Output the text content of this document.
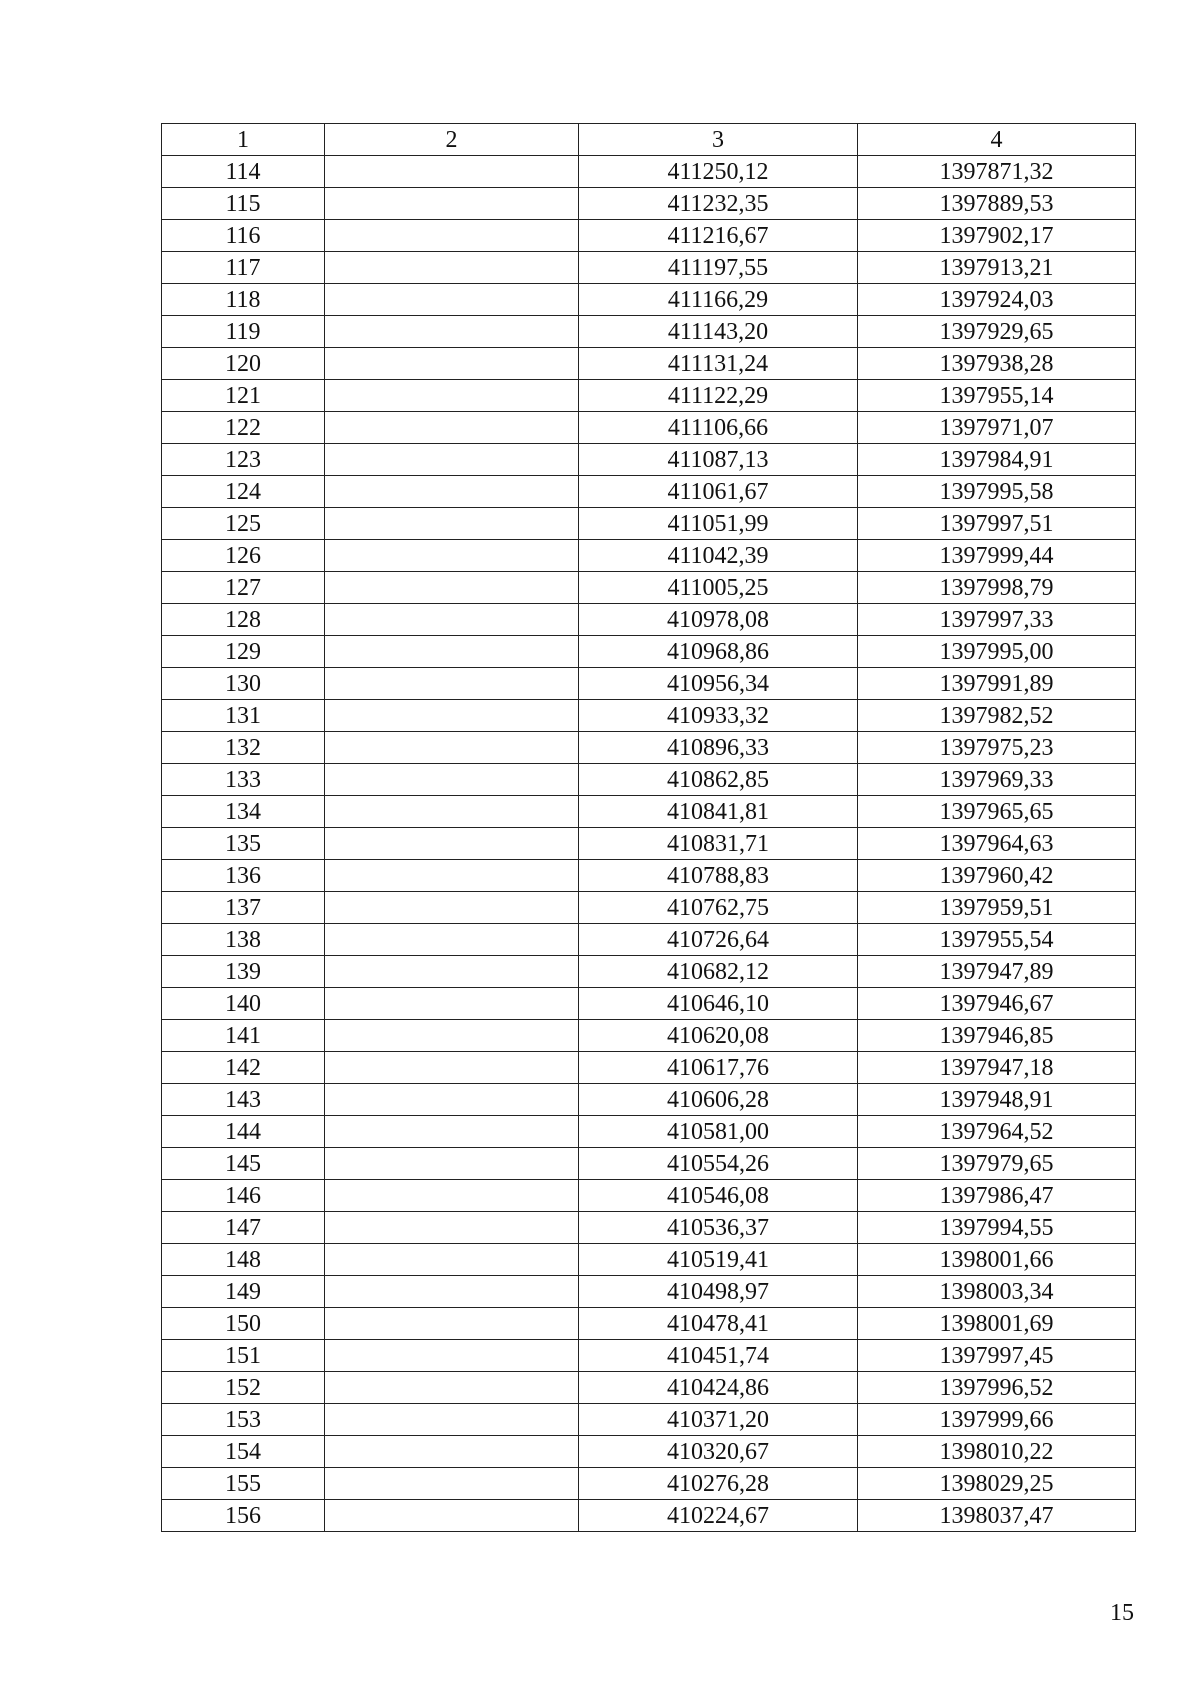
1	2	3	4
114		411250,12	1397871,32
115		411232,35	1397889,53
116		411216,67	1397902,17
117		411197,55	1397913,21
118		411166,29	1397924,03
119		411143,20	1397929,65
120		411131,24	1397938,28
121		411122,29	1397955,14
122		411106,66	1397971,07
123		411087,13	1397984,91
124		411061,67	1397995,58
125		411051,99	1397997,51
126		411042,39	1397999,44
127		411005,25	1397998,79
128		410978,08	1397997,33
129		410968,86	1397995,00
130		410956,34	1397991,89
131		410933,32	1397982,52
132		410896,33	1397975,23
133		410862,85	1397969,33
134		410841,81	1397965,65
135		410831,71	1397964,63
136		410788,83	1397960,42
137		410762,75	1397959,51
138		410726,64	1397955,54
139		410682,12	1397947,89
140		410646,10	1397946,67
141		410620,08	1397946,85
142		410617,76	1397947,18
143		410606,28	1397948,91
144		410581,00	1397964,52
145		410554,26	1397979,65
146		410546,08	1397986,47
147		410536,37	1397994,55
148		410519,41	1398001,66
149		410498,97	1398003,34
150		410478,41	1398001,69
151		410451,74	1397997,45
152		410424,86	1397996,52
153		410371,20	1397999,66
154		410320,67	1398010,22
155		410276,28	1398029,25
156		410224,67	1398037,47
15
